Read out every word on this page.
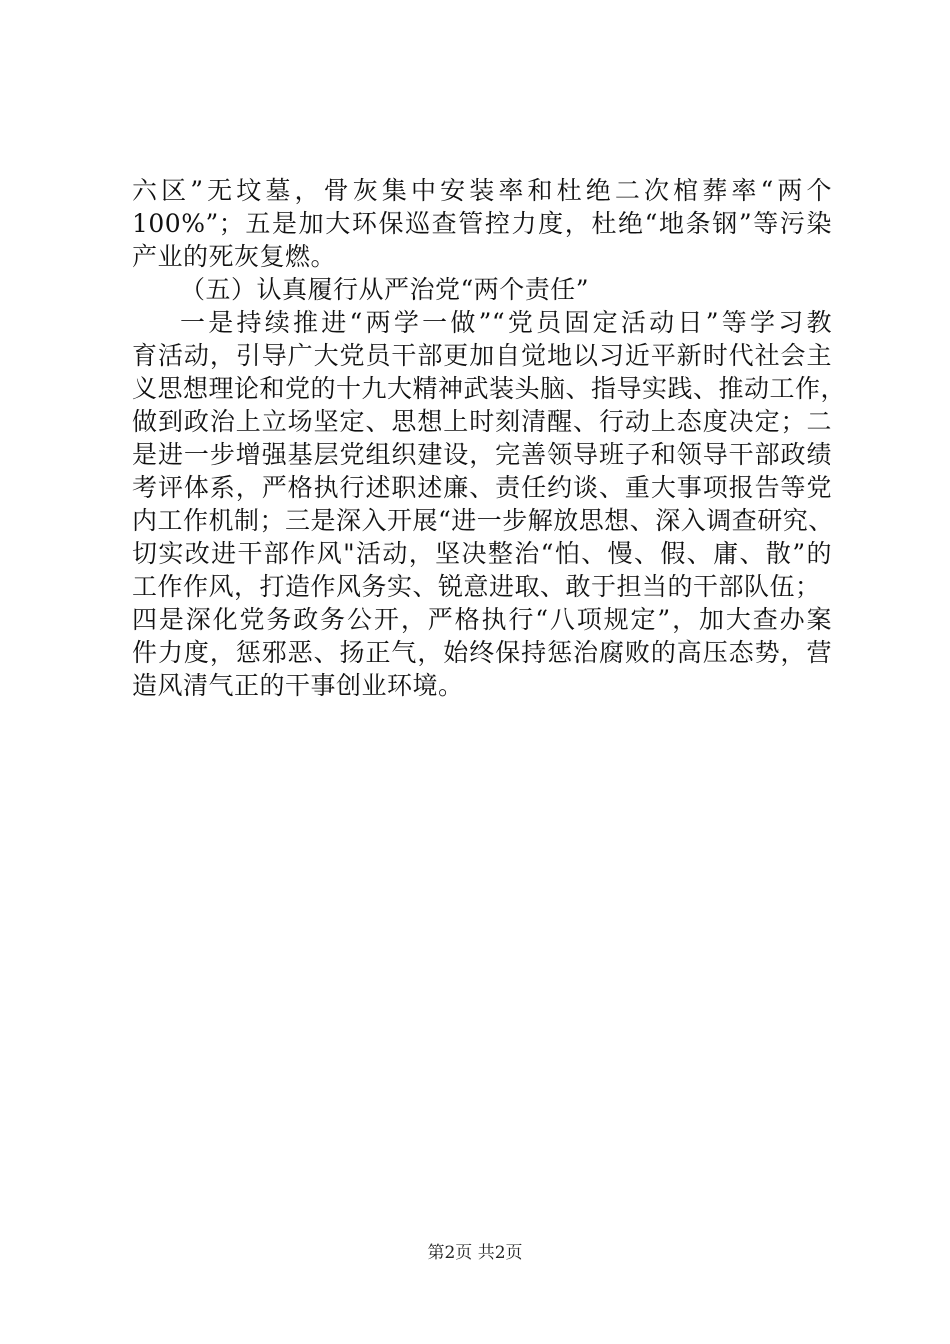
六区”无坟墓，骨灰集中安装率和杜绝二次棺葬率“两个
100%”；五是加大环保巡查管控力度，杜绝“地条钢”等污染
产业的死灰复燃。
（五）认真履行从严治党“两个责任”
一是持续推进“两学一做”“党员固定活动日”等学习教
育活动，引导广大党员干部更加自觉地以习近平新时代社会主
义思想理论和党的十九大精神武装头脑、指导实践、推动工作，
做到政治上立场坚定、思想上时刻清醒、行动上态度决定；二
是进一步增强基层党组织建设，完善领导班子和领导干部政绩
考评体系，严格执行述职述廉、责任约谈、重大事项报告等党
内工作机制；三是深入开展“进一步解放思想、深入调查研究、
切实改进干部作风"活动，坚决整治“怕、慢、假、庸、散”的
工作作风，打造作风务实、锐意进取、敢于担当的干部队伍；
四是深化党务政务公开，严格执行“八项规定”，加大查办案
件力度，惩邪恶、扬正气，始终保持惩治腐败的高压态势，营
造风清气正的干事创业环境。
第2页 共2页
